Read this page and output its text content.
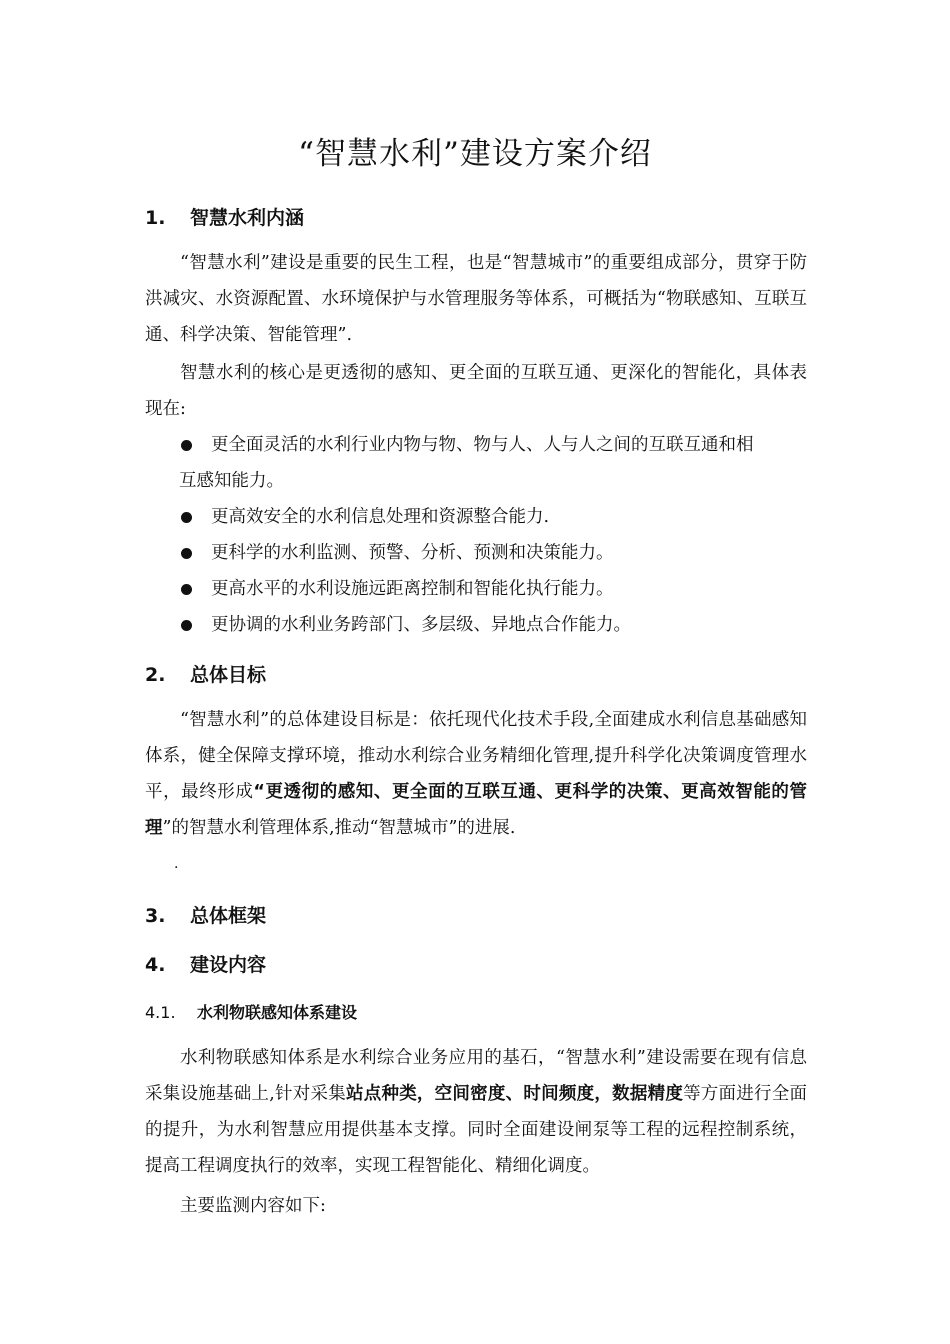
“智慧水利”建设方案介绍
1. 智慧水利内涵
“智慧水利”建设是重要的民生工程，也是“智慧城市”的重要组成部分，贯穿于防洪减灾、水资源配置、水环境保护与水管理服务等体系，可概括为“物联感知、互联互通、科学决策、智能管理”.
智慧水利的核心是更透彻的感知、更全面的互联互通、更深化的智能化，具体表现在:
更全面灵活的水利行业内物与物、物与人、人与人之间的互联互通和相
互感知能力。
更高效安全的水利信息处理和资源整合能力.
更科学的水利监测、预警、分析、预测和决策能力。
更高水平的水利设施远距离控制和智能化执行能力。
更协调的水利业务跨部门、多层级、异地点合作能力。
2. 总体目标
“智慧水利”的总体建设目标是：依托现代化技术手段,全面建成水利信息基础感知体系，健全保障支撑环境，推动水利综合业务精细化管理,提升科学化决策调度管理水平，最终形成“更透彻的感知、更全面的互联互通、更科学的决策、更高效智能的管理”的智慧水利管理体系,推动“智慧城市”的进展.
.
3. 总体框架
4. 建设内容
4.1. 水利物联感知体系建设
水利物联感知体系是水利综合业务应用的基石，“智慧水利”建设需要在现有信息采集设施基础上,针对采集站点种类，空间密度、时间频度，数据精度等方面进行全面的提升，为水利智慧应用提供基本支撑。同时全面建设闸泵等工程的远程控制系统，提高工程调度执行的效率，实现工程智能化、精细化调度。
主要监测内容如下:
